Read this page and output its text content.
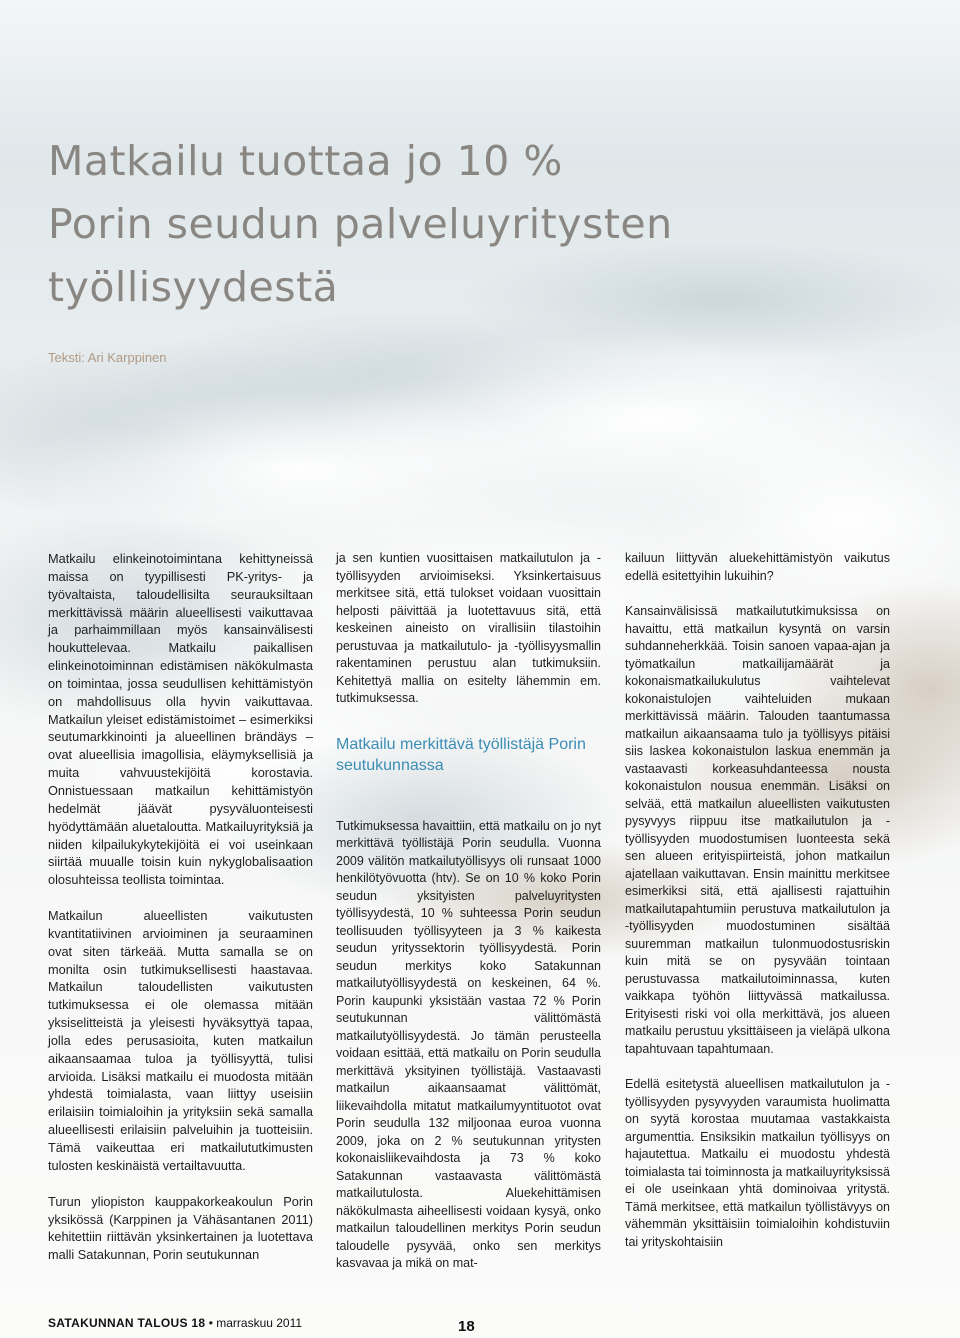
Matkailu tuottaa jo 10 %
Porin seudun palveluyritysten
työllisyydestä
Teksti: Ari Karppinen

Matkailu elinkeinotoimintana kehittyneissä maissa on tyypillisesti PK-yritys- ja työvaltaista, taloudellisilta seurauksiltaan merkittävissä määrin alueellisesti vaikuttavaa ja parhaimmillaan myös kansainvälisesti houkuttelevaa. Matkailu paikallisen elinkeinotoiminnan edistämisen näkökulmasta on toimintaa, jossa seudullisen kehittämistyön on mahdollisuus olla hyvin vaikuttavaa. Matkailun yleiset edistämistoimet – esimerkiksi seutumarkkinointi ja alueellinen brändäys – ovat alueellisia imagollisia, eläymyksellisiä ja muita vahvuustekijöitä korostavia. Onnistuessaan matkailun kehittämistyön hedelmät jäävät pysyväluonteisesti hyödyttämään aluetaloutta. Matkailuyrityksiä ja niiden kilpailukykytekijöitä ei voi useinkaan siirtää muualle toisin kuin nykyglobalisaation olosuhteissa teollista toimintaa.

Matkailun alueellisten vaikutusten kvantitatiivinen arvioiminen ja seuraaminen ovat siten tärkeää. Mutta samalla se on monilta osin tutkimuksellisesti haastavaa. Matkailun taloudellisten vaikutusten tutkimuksessa ei ole olemassa mitään yksiselitteistä ja yleisesti hyväksyttyä tapaa, jolla edes perusasioita, kuten matkailun aikaansaamaa tuloa ja työllisyyttä, tulisi arvioida. Lisäksi matkailu ei muodosta mitään yhdestä toimialasta, vaan liittyy useisiin erilaisiin toimialoihin ja yrityksiin sekä samalla alueellisesti erilaisiin palveluihin ja tuotteisiin. Tämä vaikeuttaa eri matkailututkimusten tulosten keskinäistä vertailtavuutta.

Turun yliopiston kauppakorkeakoulun Porin yksikössä (Karppinen ja Vähäsantanen 2011) kehitettiin riittävän yksinkertainen ja luotettava malli Satakunnan, Porin seutukunnan

ja sen kuntien vuosittaisen matkailutulon ja -työllisyyden arvioimiseksi. Yksinkertaisuus merkitsee sitä, että tulokset voidaan vuosittain helposti päivittää ja luotettavuus sitä, että keskeinen aineisto on virallisiin tilastoihin perustuvaa ja matkailutulo- ja -työllisyysmallin rakentaminen perustuu alan tutkimuksiin. Kehitettyä mallia on esitelty lähemmin em. tutkimuksessa.

Matkailu merkittävä työllistäjä Porin seutukunnassa

Tutkimuksessa havaittiin, että matkailu on jo nyt merkittävä työllistäjä Porin seudulla. Vuonna 2009 välitön matkailutyöllisyys oli runsaat 1000 henkilötyövuotta (htv). Se on 10 % koko Porin seudun yksityisten palveluyritysten työllisyydestä, 10 % suhteessa Porin seudun teollisuuden työllisyyteen ja 3 % kaikesta seudun yrityssektorin työllisyydestä. Porin seudun merkitys koko Satakunnan matkailutyöllisyydestä on keskeinen, 64 %. Porin kaupunki yksistään vastaa 72 % Porin seutukunnan välittömästä matkailutyöllisyydestä. Jo tämän perusteella voidaan esittää, että matkailu on Porin seudulla merkittävä yksityinen työllistäjä. Vastaavasti matkailun aikaansaamat välittömät, liikevaihdolla mitatut matkailumyyntituotot ovat Porin seudulla 132 miljoonaa euroa vuonna 2009, joka on 2 % seutukunnan yritysten kokonaisliikevaihdosta ja 73 % koko Satakunnan vastaavasta välittömästä matkailutulosta. Aluekehittämisen näkökulmasta aiheellisesti voidaan kysyä, onko matkailun taloudellinen merkitys Porin seudun taloudelle pysyvää, onko sen merkitys kasvavaa ja mikä on mat-

kailuun liittyvän aluekehittämistyön vaikutus edellä esitettyihin lukuihin?

Kansainvälisissä matkailututkimuksissa on havaittu, että matkailun kysyntä on varsin suhdanneherkkää. Toisin sanoen vapaa-ajan ja työmatkailun matkailijamäärät ja kokonaismatkailukulutus vaihtelevat kokonaistulojen vaihteluiden mukaan merkittävissä määrin. Talouden taantumassa matkailun aikaansaama tulo ja työllisyys pitäisi siis laskea kokonaistulon laskua enemmän ja vastaavasti korkeasuhdanteessa nousta kokonaistulon nousua enemmän. Lisäksi on selvää, että matkailun alueellisten vaikutusten pysyvyys riippuu itse matkailutulon ja -työllisyyden muodostumisen luonteesta sekä sen alueen erityispiirteistä, johon matkailun ajatellaan vaikuttavan. Ensin mainittu merkitsee esimerkiksi sitä, että ajallisesti rajattuihin matkailutapahtumiin perustuva matkailutulon ja -työllisyyden muodostuminen sisältää suuremman matkailun tulonmuodostusriskin kuin mitä se on pysyvään tointaan perustuvassa matkailutoiminnassa, kuten vaikkapa työhön liittyvässä matkailussa. Erityisesti riski voi olla merkittävä, jos alueen matkailu perustuu yksittäiseen ja vieläpä ulkona tapahtuvaan tapahtumaan.

Edellä esitetystä alueellisen matkailutulon ja -työllisyyden pysyvyyden varaumista huolimatta on syytä korostaa muutamaa vastakkaista argumenttia. Ensiksikin matkailun työllisyys on hajautettua. Matkailu ei muodostu yhdestä toimialasta tai toiminnosta ja matkailuyrityksissä ei ole useinkaan yhtä dominoivaa yritystä. Tämä merkitsee, että matkailun työllistävyys on vähemmän yksittäisiin toimialoihin kohdistuviin tai yrityskohtaisiin

SATAKUNNAN TALOUS 18 • marraskuu 2011	18
